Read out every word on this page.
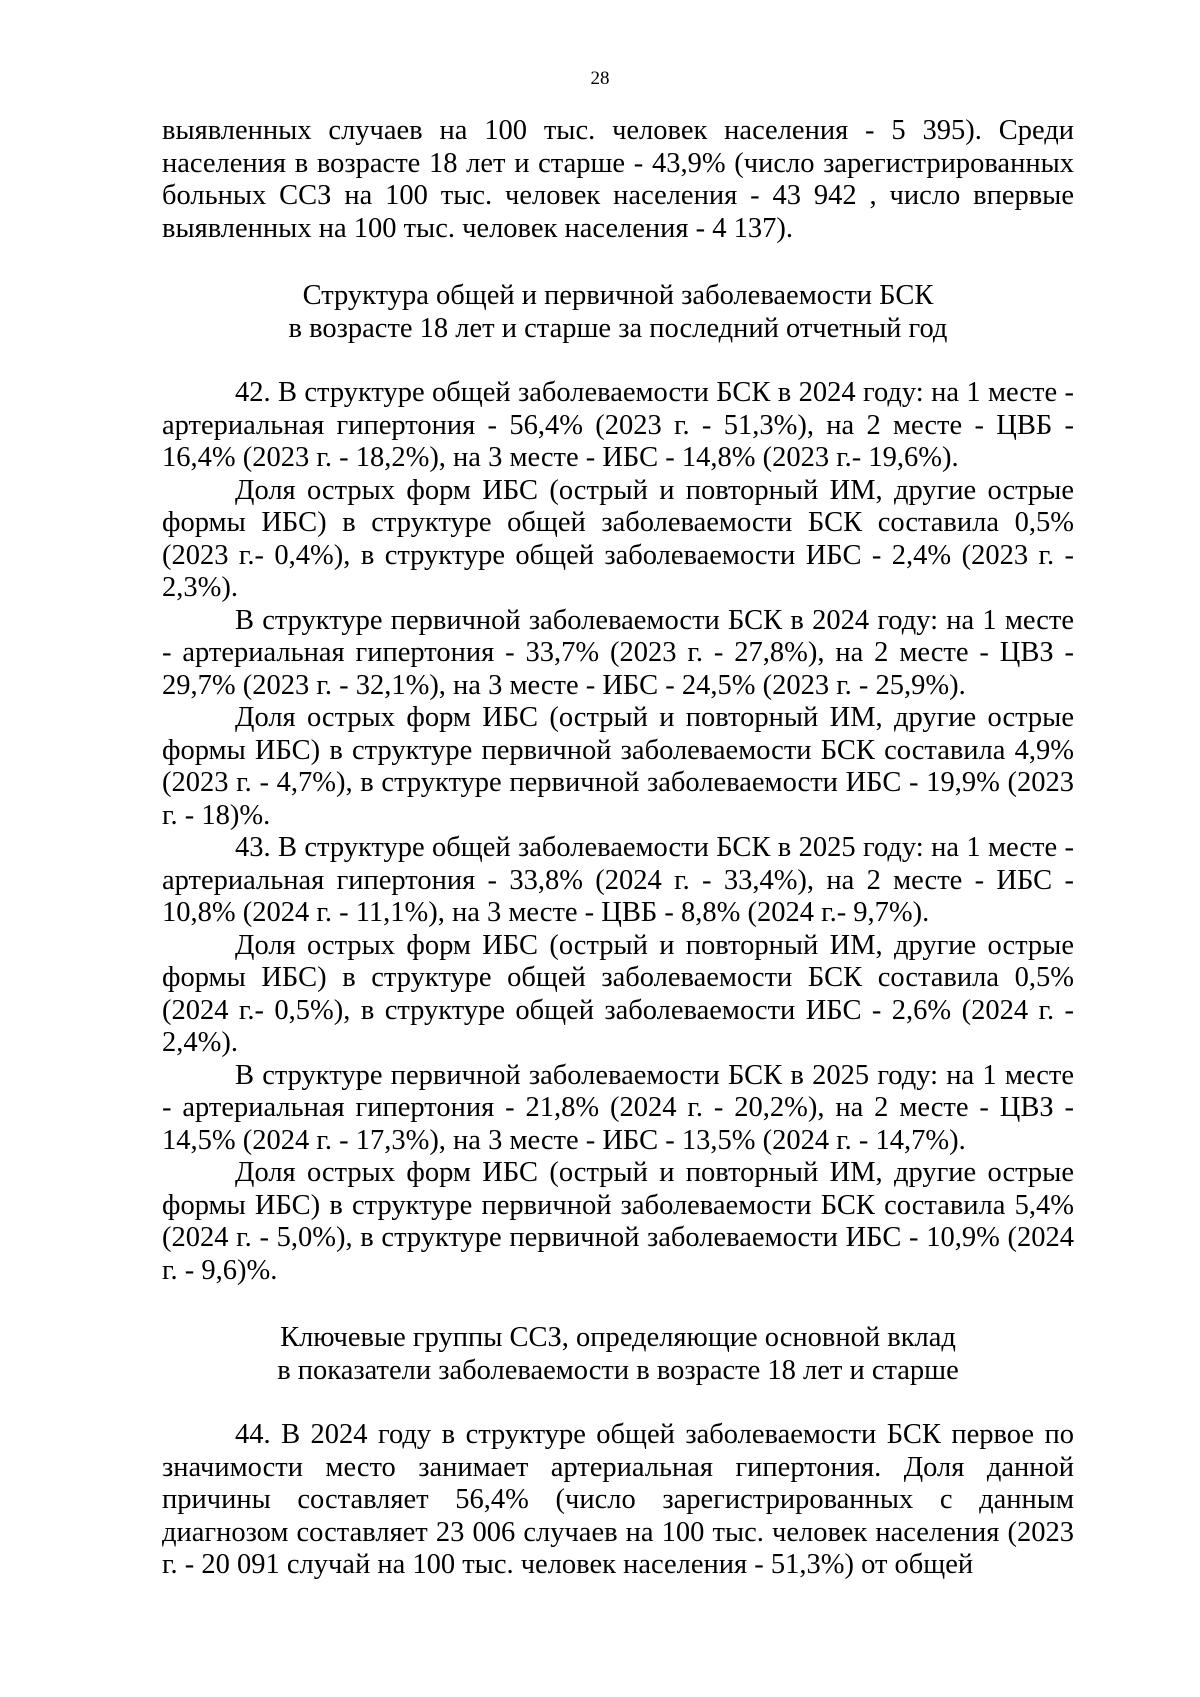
28

выявленных случаев на 100 тыс. человек населения - 5 395). Среди населения в возрасте 18 лет и старше - 43,9% (число зарегистрированных больных ССЗ на 100 тыс. человек населения - 43 942 , число впервые выявленных на 100 тыс. человек населения - 4 137).

Структура общей и первичной заболеваемости БСК
в возрасте 18 лет и старше за последний отчетный год

42. В структуре общей заболеваемости БСК в 2024 году: на 1 месте - артериальная гипертония - 56,4% (2023 г. - 51,3%), на 2 месте - ЦВБ - 16,4% (2023 г. - 18,2%), на 3 месте - ИБС - 14,8% (2023 г.- 19,6%).

Доля острых форм ИБС (острый и повторный ИМ, другие острые формы ИБС) в структуре общей заболеваемости БСК составила 0,5% (2023 г.- 0,4%), в структуре общей заболеваемости ИБС - 2,4% (2023 г. - 2,3%).

В структуре первичной заболеваемости БСК в 2024 году: на 1 месте - артериальная гипертония - 33,7% (2023 г. - 27,8%), на 2 месте - ЦВЗ - 29,7% (2023 г. - 32,1%), на 3 месте - ИБС - 24,5% (2023 г. - 25,9%).

Доля острых форм ИБС (острый и повторный ИМ, другие острые формы ИБС) в структуре первичной заболеваемости БСК составила 4,9% (2023 г. - 4,7%), в структуре первичной заболеваемости ИБС - 19,9% (2023 г. - 18)%.

43. В структуре общей заболеваемости БСК в 2025 году: на 1 месте - артериальная гипертония - 33,8% (2024 г. - 33,4%), на 2 месте - ИБС - 10,8% (2024 г. - 11,1%), на 3 месте - ЦВБ - 8,8% (2024 г.- 9,7%).

Доля острых форм ИБС (острый и повторный ИМ, другие острые формы ИБС) в структуре общей заболеваемости БСК составила 0,5% (2024 г.- 0,5%), в структуре общей заболеваемости ИБС - 2,6% (2024 г. - 2,4%).

В структуре первичной заболеваемости БСК в 2025 году: на 1 месте - артериальная гипертония - 21,8% (2024 г. - 20,2%), на 2 месте - ЦВЗ - 14,5% (2024 г. - 17,3%), на 3 месте - ИБС - 13,5% (2024 г. - 14,7%).

Доля острых форм ИБС (острый и повторный ИМ, другие острые формы ИБС) в структуре первичной заболеваемости БСК составила 5,4% (2024 г. - 5,0%), в структуре первичной заболеваемости ИБС - 10,9% (2024 г. - 9,6)%.

Ключевые группы ССЗ, определяющие основной вклад
в показатели заболеваемости в возрасте 18 лет и старше

44. В 2024 году в структуре общей заболеваемости БСК первое по значимости место занимает артериальная гипертония. Доля данной причины составляет 56,4% (число зарегистрированных с данным диагнозом составляет 23 006 случаев на 100 тыс. человек населения (2023 г. - 20 091 случай на 100 тыс. человек населения - 51,3%) от общей
